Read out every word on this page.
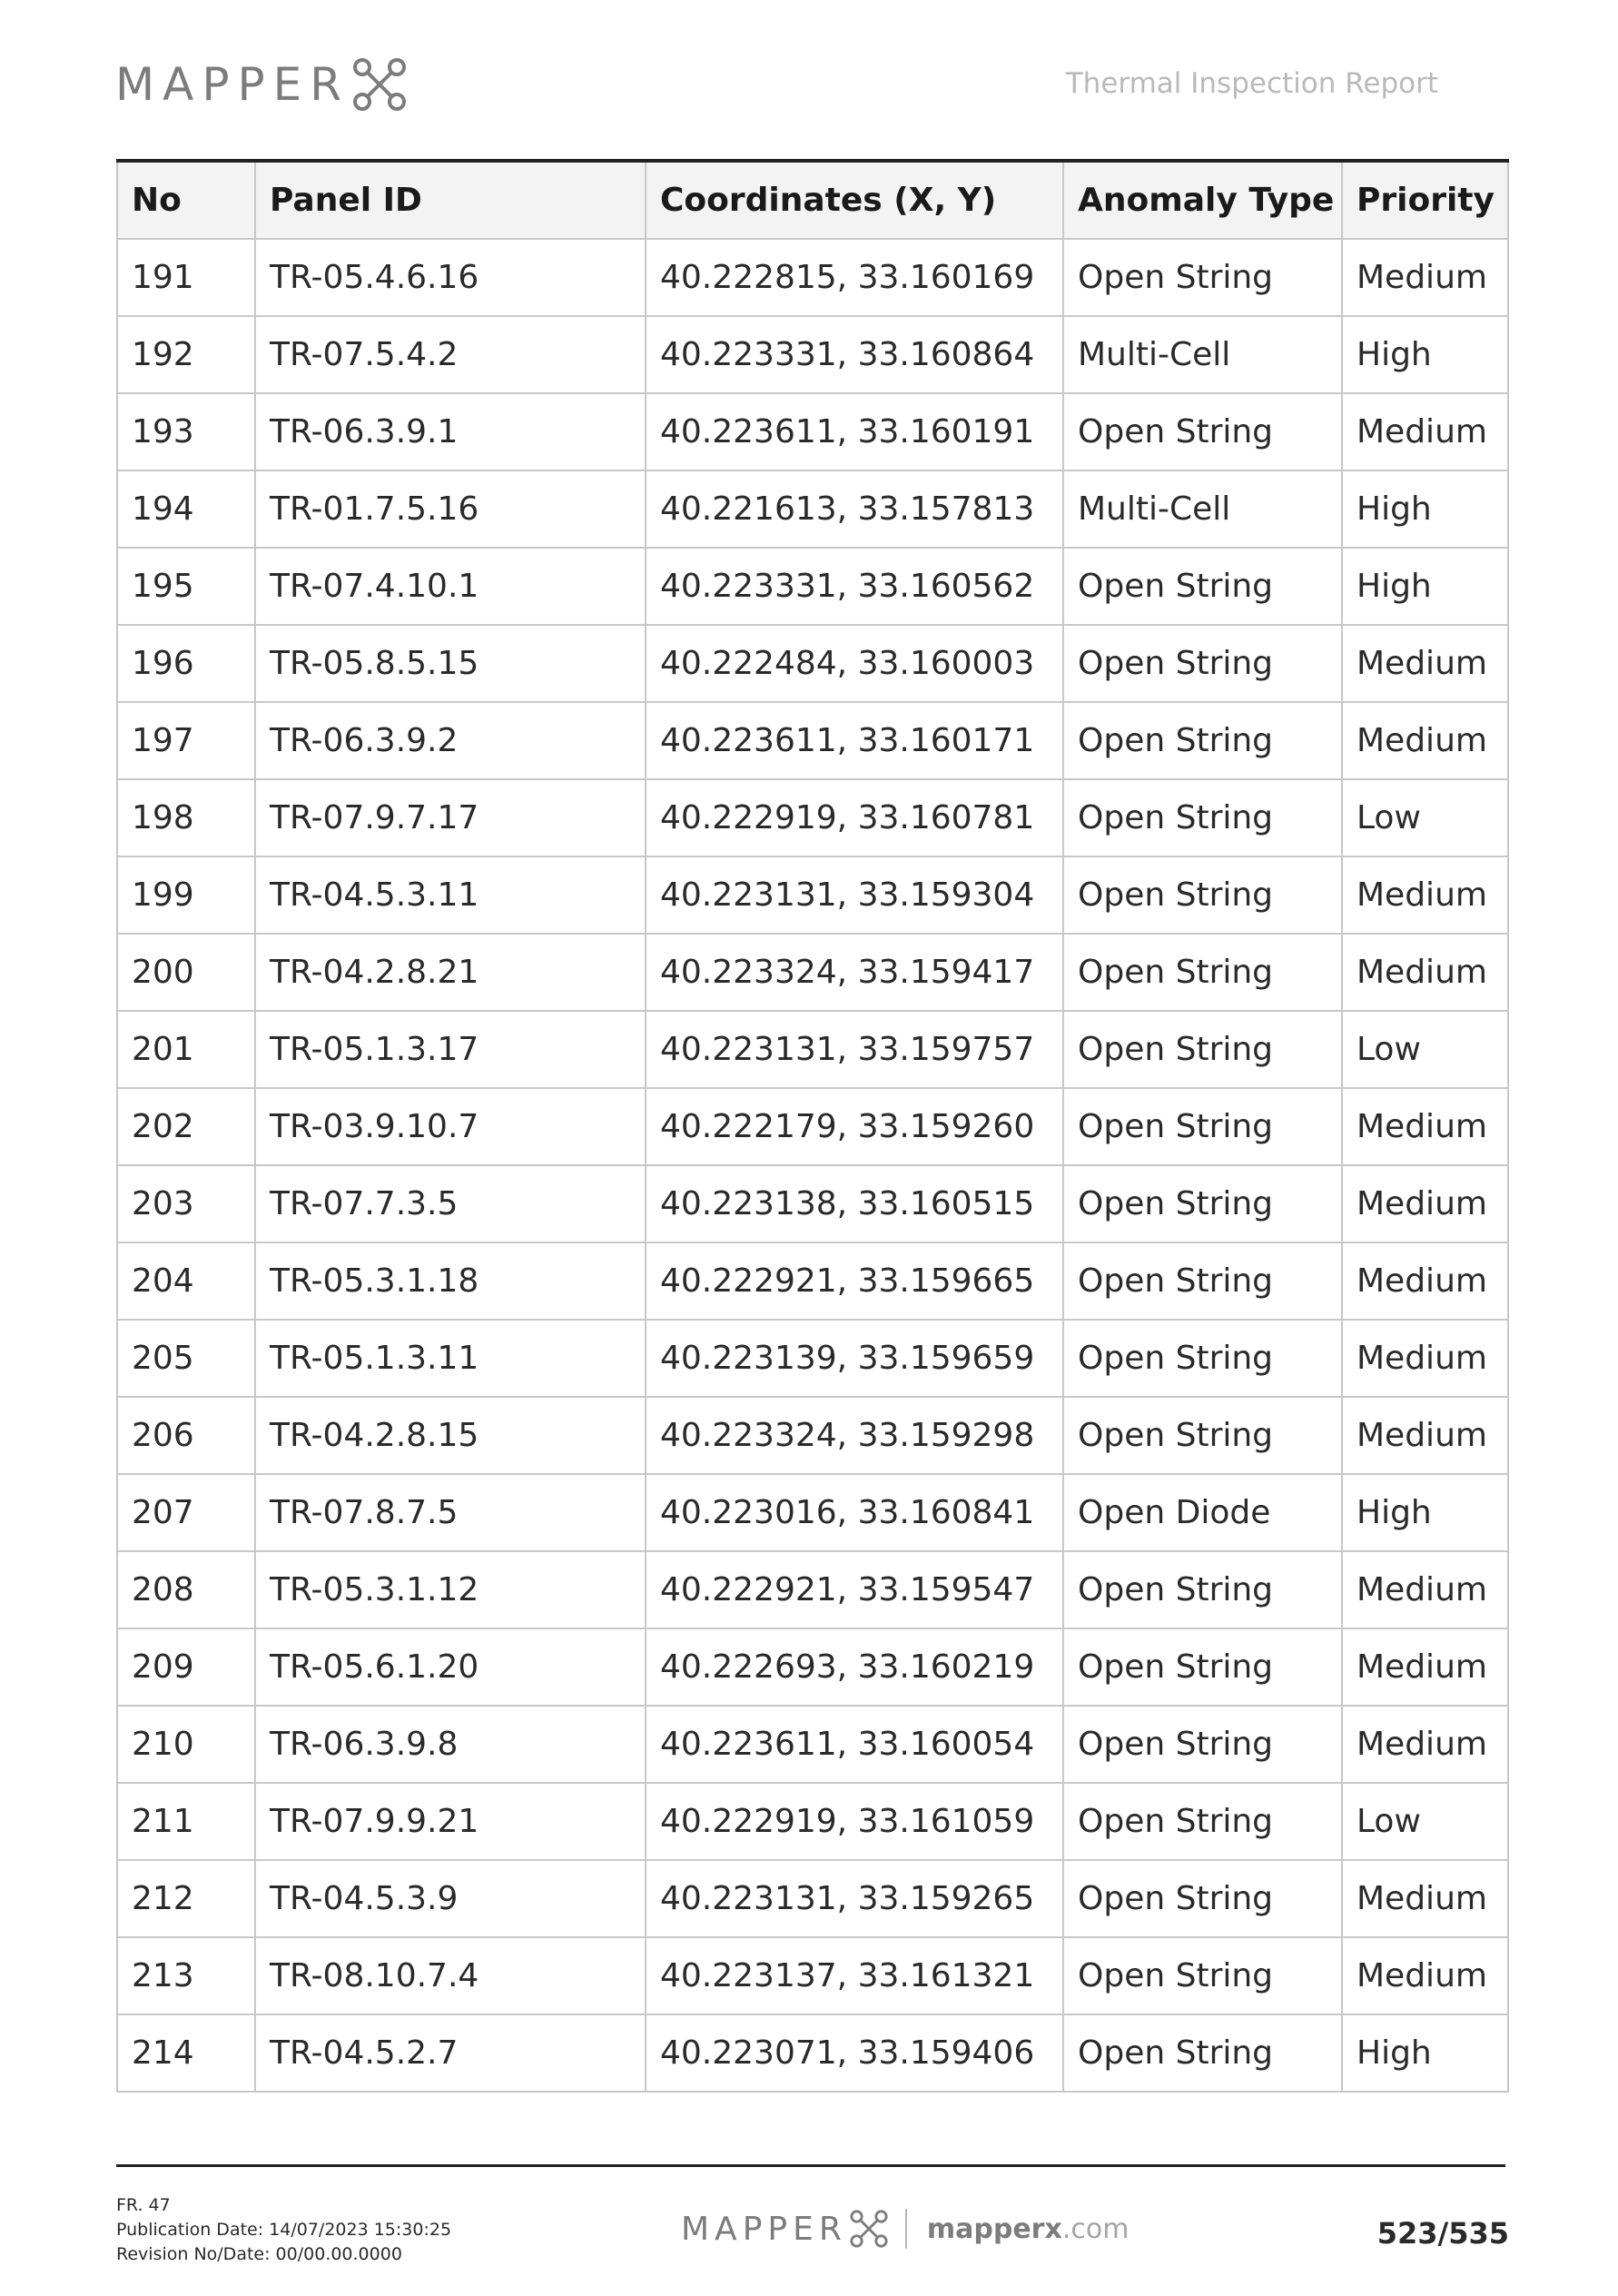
MAPPER	Thermal Inspection Report
No	Panel ID	Coordinates (X, Y)	Anomaly Type	Priority
191	TR-05.4.6.16	40.222815, 33.160169	Open String	Medium
192	TR-07.5.4.2	40.223331, 33.160864	Multi-Cell	High
193	TR-06.3.9.1	40.223611, 33.160191	Open String	Medium
194	TR-01.7.5.16	40.221613, 33.157813	Multi-Cell	High
195	TR-07.4.10.1	40.223331, 33.160562	Open String	High
196	TR-05.8.5.15	40.222484, 33.160003	Open String	Medium
197	TR-06.3.9.2	40.223611, 33.160171	Open String	Medium
198	TR-07.9.7.17	40.222919, 33.160781	Open String	Low
199	TR-04.5.3.11	40.223131, 33.159304	Open String	Medium
200	TR-04.2.8.21	40.223324, 33.159417	Open String	Medium
201	TR-05.1.3.17	40.223131, 33.159757	Open String	Low
202	TR-03.9.10.7	40.222179, 33.159260	Open String	Medium
203	TR-07.7.3.5	40.223138, 33.160515	Open String	Medium
204	TR-05.3.1.18	40.222921, 33.159665	Open String	Medium
205	TR-05.1.3.11	40.223139, 33.159659	Open String	Medium
206	TR-04.2.8.15	40.223324, 33.159298	Open String	Medium
207	TR-07.8.7.5	40.223016, 33.160841	Open Diode	High
208	TR-05.3.1.12	40.222921, 33.159547	Open String	Medium
209	TR-05.6.1.20	40.222693, 33.160219	Open String	Medium
210	TR-06.3.9.8	40.223611, 33.160054	Open String	Medium
211	TR-07.9.9.21	40.222919, 33.161059	Open String	Low
212	TR-04.5.3.9	40.223131, 33.159265	Open String	Medium
213	TR-08.10.7.4	40.223137, 33.161321	Open String	Medium
214	TR-04.5.2.7	40.223071, 33.159406	Open String	High
FR. 47
Publication Date: 14/07/2023 15:30:25
Revision No/Date: 00/00.00.0000
MAPPER	mapperx.com	523/535
